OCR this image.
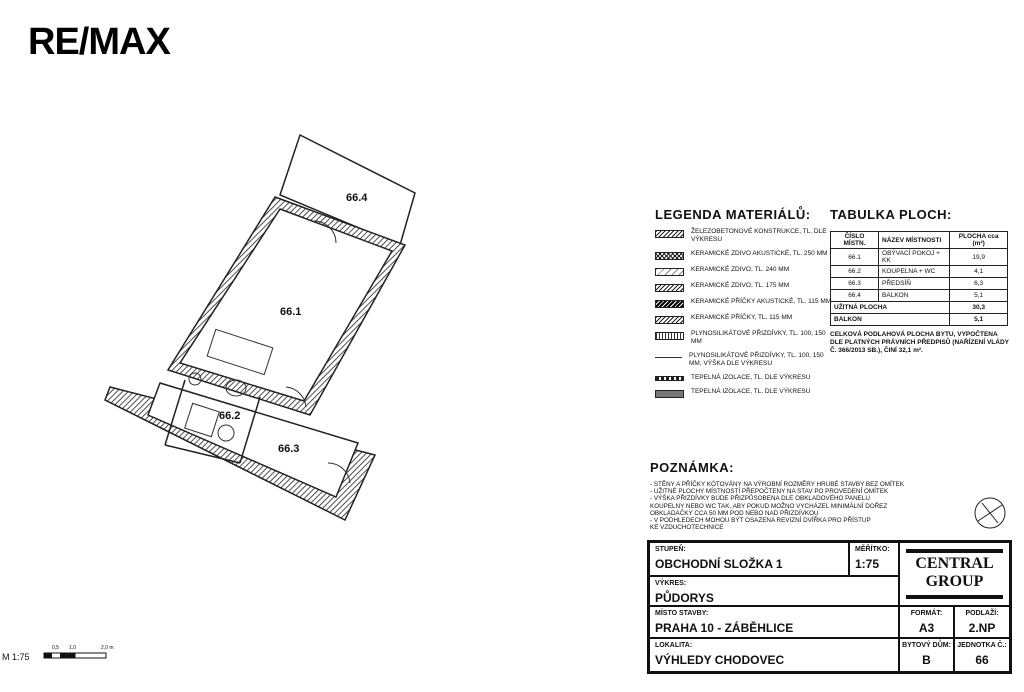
RE/MAX
66.4
66.1
66.2
66.3
LEGENDA MATERIÁLŮ:
ŽELEZOBETONOVÉ KONSTRUKCE, TL. DLE VÝKRESU
KERAMICKÉ ZDIVO AKUSTICKÉ, TL. 250 MM
KERAMICKÉ ZDIVO, TL. 240 MM
KERAMICKÉ ZDIVO, TL. 175 MM
KERAMICKÉ PŘÍČKY AKUSTICKÉ, TL. 115 MM
KERAMICKÉ PŘÍČKY, TL. 115 MM
PLYNOSILIKÁTOVÉ PŘIZDÍVKY, TL. 100, 150 MM
PLYNOSILIKÁTOVÉ PŘIZDÍVKY, TL. 100, 150 MM, VÝŠKA DLE VÝKRESU
TEPELNÁ IZOLACE, TL. DLE VÝKRESU
TEPELNÁ IZOLACE, TL. DLE VÝKRESU
TABULKA PLOCH:
ČÍSLO MÍSTN.	NÁZEV MÍSTNOSTI	PLOCHA cca (m²)
66.1	OBÝVACÍ POKOJ + KK	19,9
66.2	KOUPELNA + WC	4,1
66.3	PŘEDSÍŇ	6,3
66.4	BALKON	5,1
UŽITNÁ PLOCHA		30,3
BALKON		5,1
CELKOVÁ PODLAHOVÁ PLOCHA BYTU, VYPOČTENA DLE PLATNÝCH PRÁVNÍCH PŘEDPISŮ (NAŘÍZENÍ VLÁDY Č. 366/2013 SB.), ČINÍ 32,1 m².
POZNÁMKA:
- STĚNY A PŘÍČKY KÓTOVÁNY NA VÝROBNÍ ROZMĚRY HRUBÉ STAVBY BEZ OMÍTEK
- UŽITNÉ PLOCHY MÍSTNOSTÍ PŘEPOČTENY NA STAV PO PROVEDENÍ OMÍTEK
- VÝŠKA PŘIZDÍVKY BUDE PŘIZPŮSOBENA DLE OBKLADOVÉHO PANELU
KOUPELNY NEBO WC TAK, ABY POKUD MOŽNO VYCHÁZEL MINIMÁLNÍ DOŘEZ
OBKLADAČKY CCA 50 MM POD NEBO NAD PŘIZDÍVKOU
- V PODHLEDECH MOHOU BÝT OSAZENA REVIZNÍ DVÍŘKA PRO PŘÍSTUP
KE VZDUCHOTECHNICE
STUPEŇ:
OBCHODNÍ SLOŽKA 1
MĚŘÍTKO:
1:75	CENTRAL
GROUP
VÝKRES:
PŮDORYS
MÍSTO STAVBY:
PRAHA 10 - ZÁBĚHLICE
FORMÁT:
A3
PODLAŽÍ:
2.NP
LOKALITA:
VÝHLEDY CHODOVEC
BYTOVÝ DŮM:
B
JEDNOTKA Č.:
66
M 1:75
0,5 1,0	2,0 m
